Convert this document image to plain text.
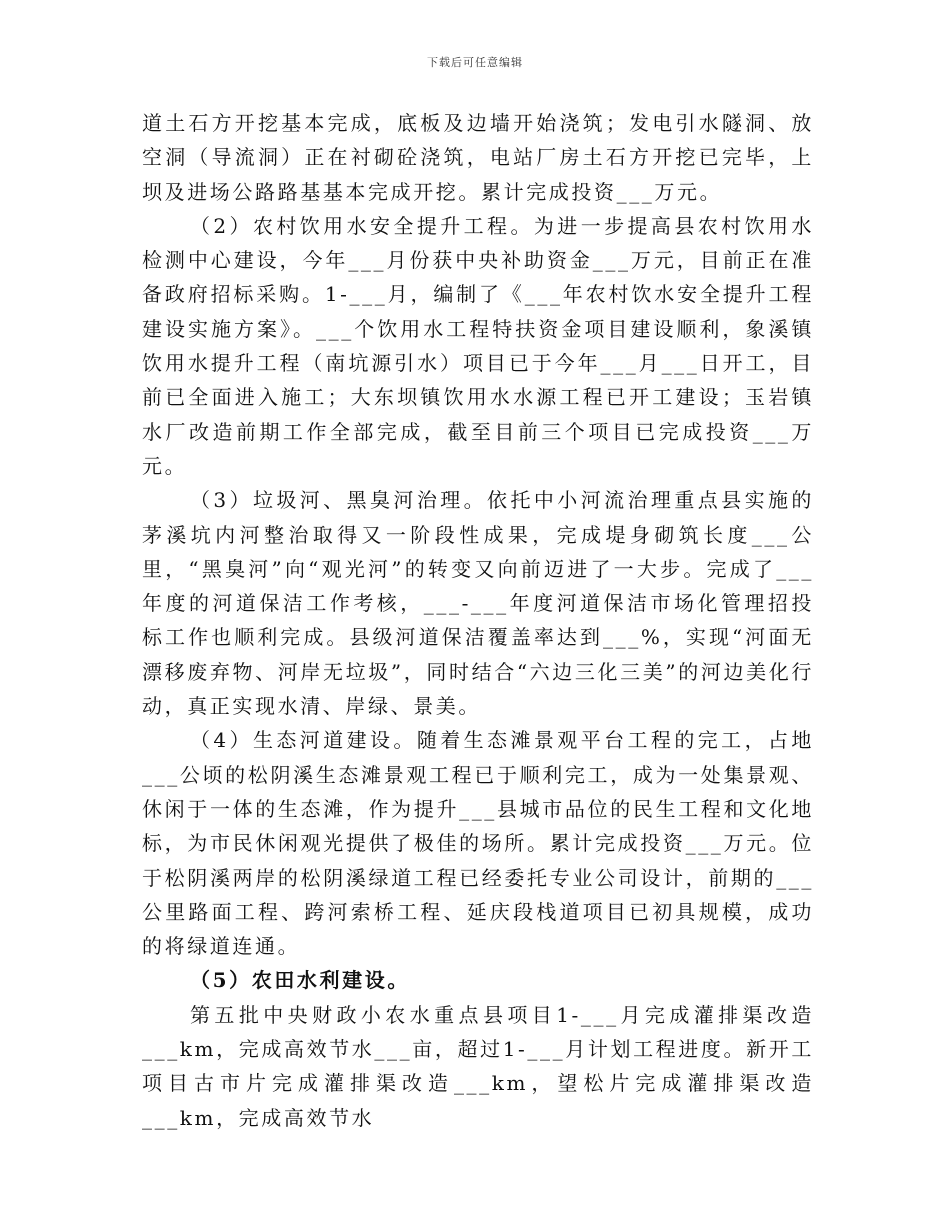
下载后可任意编辑

道土石方开挖基本完成，底板及边墙开始浇筑；发电引水隧洞、放空洞（导流洞）正在衬砌砼浇筑，电站厂房土石方开挖已完毕，上坝及进场公路路基基本完成开挖。累计完成投资___万元。

（2）农村饮用水安全提升工程。为进一步提高县农村饮用水检测中心建设，今年___月份获中央补助资金___万元，目前正在准备政府招标采购。1-___月，编制了《___年农村饮水安全提升工程建设实施方案》。___个饮用水工程特扶资金项目建设顺利，象溪镇饮用水提升工程（南坑源引水）项目已于今年___月___日开工，目前已全面进入施工；大东坝镇饮用水水源工程已开工建设；玉岩镇水厂改造前期工作全部完成，截至目前三个项目已完成投资___万元。

（3）垃圾河、黑臭河治理。依托中小河流治理重点县实施的茅溪坑内河整治取得又一阶段性成果，完成堤身砌筑长度___公里，“黑臭河”向“观光河”的转变又向前迈进了一大步。完成了___年度的河道保洁工作考核，___-___年度河道保洁市场化管理招投标工作也顺利完成。县级河道保洁覆盖率达到___%，实现“河面无漂移废弃物、河岸无垃圾”，同时结合“六边三化三美”的河边美化行动，真正实现水清、岸绿、景美。

（4）生态河道建设。随着生态滩景观平台工程的完工，占地___公顷的松阴溪生态滩景观工程已于顺利完工，成为一处集景观、休闲于一体的生态滩，作为提升___县城市品位的民生工程和文化地标，为市民休闲观光提供了极佳的场所。累计完成投资___万元。位于松阴溪两岸的松阴溪绿道工程已经委托专业公司设计，前期的___公里路面工程、跨河索桥工程、延庆段栈道项目已初具规模，成功的将绿道连通。

（5）农田水利建设。

第五批中央财政小农水重点县项目1-___月完成灌排渠改造___km，完成高效节水___亩，超过1-___月计划工程进度。新开工项目古市片完成灌排渠改造___km，望松片完成灌排渠改造___km，完成高效节水
